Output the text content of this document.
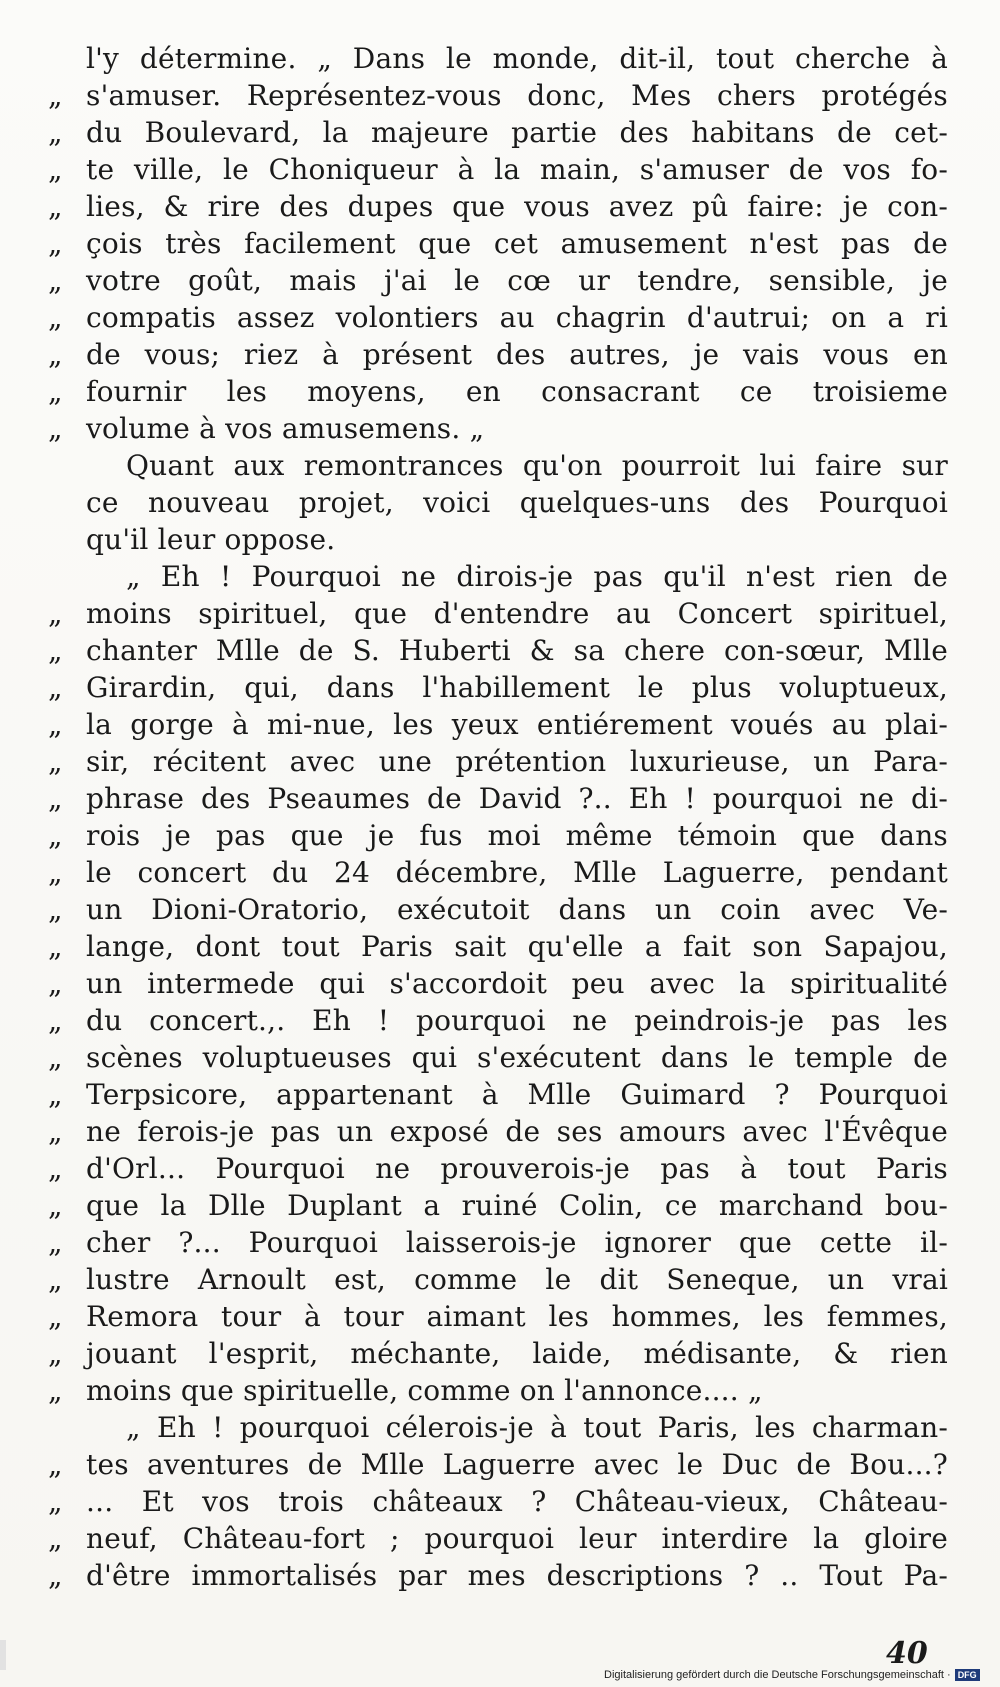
l'y détermine. „ Dans le monde, dit-il, tout cherche à
„ s'amuser. Représentez-vous donc, Mes chers protégés
„ du Boulevard, la majeure partie des habitans de cet-
„ te ville, le Choniqueur à la main, s'amuser de vos fo-
„ lies, & rire des dupes que vous avez pû faire: je con-
„ çois très facilement que cet amusement n'est pas de
„ votre goût, mais j'ai le cœ ur tendre, sensible, je
„ compatis assez volontiers au chagrin d'autrui; on a ri
„ de vous; riez à présent des autres, je vais vous en
„ fournir les moyens, en consacrant ce troisieme
„ volume à vos amusemens. „
Quant aux remontrances qu'on pourroit lui faire sur
ce nouveau projet, voici quelques-uns des Pourquoi
qu'il leur oppose.
„ Eh ! Pourquoi ne dirois-je pas qu'il n'est rien de
„ moins spirituel, que d'entendre au Concert spirituel,
„ chanter Mlle de S. Huberti & sa chere con-sœur, Mlle
„ Girardin, qui, dans l'habillement le plus voluptueux,
„ la gorge à mi-nue, les yeux entiérement voués au plai-
„ sir, récitent avec une prétention luxurieuse, un Para-
„ phrase des Pseaumes de David ?.. Eh ! pourquoi ne di-
„ rois je pas que je fus moi même témoin que dans
„ le concert du 24 décembre, Mlle Laguerre, pendant
„ un Dioni-Oratorio, exécutoit dans un coin avec Ve-
„ lange, dont tout Paris sait qu'elle a fait son Sapajou,
„ un intermede qui s'accordoit peu avec la spiritualité
„ du concert.,. Eh ! pourquoi ne peindrois-je pas les
„ scènes voluptueuses qui s'exécutent dans le temple de
„ Terpsicore, appartenant à Mlle Guimard ? Pourquoi
„ ne ferois-je pas un exposé de ses amours avec l'Évêque
„ d'Orl... Pourquoi ne prouverois-je pas à tout Paris
„ que la Dlle Duplant a ruiné Colin, ce marchand bou-
„ cher ?... Pourquoi laisserois-je ignorer que cette il-
„ lustre Arnoult est, comme le dit Seneque, un vrai
„ Remora tour à tour aimant les hommes, les femmes,
„ jouant l'esprit, méchante, laide, médisante, & rien
„ moins que spirituelle, comme on l'annonce.... „
„ Eh ! pourquoi célerois-je à tout Paris, les charman-
„ tes aventures de Mlle Laguerre avec le Duc de Bou...?
„ ... Et vos trois châteaux ? Château-vieux, Château-
„ neuf, Château-fort ; pourquoi leur interdire la gloire
„ d'être immortalisés par mes descriptions ? .. Tout Pa-
40
Digitalisierung gefördert durch die Deutsche Forschungsgemeinschaft · DFG
